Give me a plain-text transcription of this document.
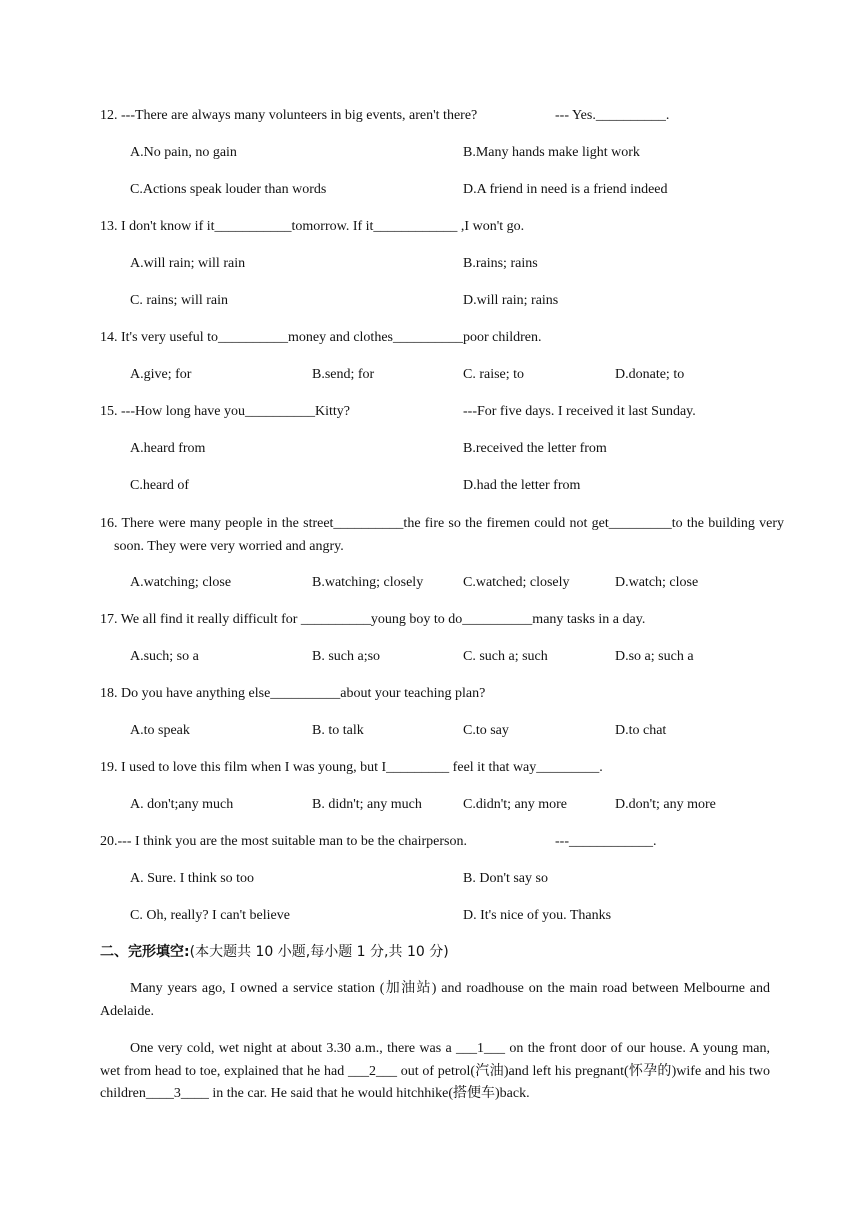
12. ---There are always many volunteers in big events, aren't there?	--- Yes.__________.
A.No pain, no gain	B.Many hands make light work
C.Actions speak louder than words	D.A friend in need is a friend indeed
13. I don't know if it___________tomorrow. If it____________ ,I won't go.
A.will rain; will rain	B.rains; rains
C. rains; will rain	D.will rain; rains
14. It's very useful to__________money and clothes__________poor children.
A.give; for	B.send; for	C. raise; to	D.donate; to
15. ---How long have you__________Kitty?	---For five days. I received it last Sunday.
A.heard from	B.received the letter from
C.heard of	D.had the letter from
16. There were many people in the street__________the fire so the firemen could not get_________to the building very soon. They were very worried and angry.
A.watching; close	B.watching; closely	C.watched; closely	D.watch; close
17. We all find it really difficult for __________young boy to do__________many tasks in a day.
A.such; so a	B. such a;so	C. such a; such	D.so a; such a
18. Do you have anything else__________about your teaching plan?
A.to speak	B. to talk	C.to say	D.to chat
19. I used to love this film when I was young, but I_________ feel it that way_________.
A. don't;any much	B. didn't; any much	C.didn't; any more	D.don't; any more
20.--- I think you are the most suitable man to be the chairperson.	---____________.
A. Sure. I think so too	B. Don't say so
C. Oh, really? I can't believe	D. It's nice of you. Thanks
二、完形填空:(本大题共 10 小题,每小题 1 分,共 10 分)
Many years ago, I owned a service station (加油站) and roadhouse on the main road between Melbourne and Adelaide.
One very cold, wet night at about 3.30 a.m., there was a ___1___ on the front door of our house. A young man, wet from head to toe, explained that he had ___2___ out of petrol(汽油)and left his pregnant(怀孕的)wife and his two children____3____ in the car. He said that he would hitchhike(搭便车)back.
